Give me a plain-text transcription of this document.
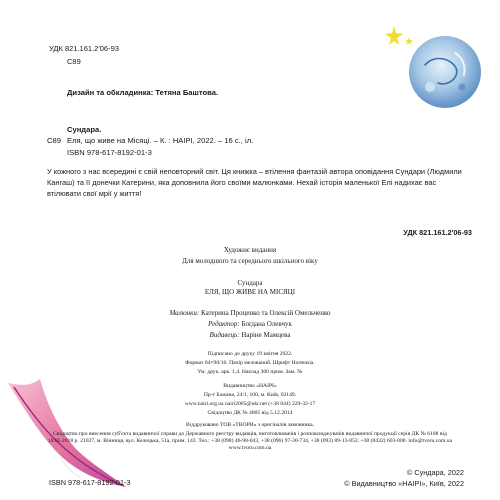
УДК 821.161.2'06-93
С89
Дизайн та обкладинка: Тетяна Баштова.
Сундара.
С89 Еля, що живе на Місяці. – К. : НАІРІ, 2022. – 16 с., іл.
ISBN 978-617-8192-01-3
У кожного з нас всередині є свій неповторний світ. Ця книжка – втілення фантазій автора оповідання Сундари (Людмили Кангаш) та її донечки Катерини, яка доповнила його своїми малюнками. Нехай історія маленької Елі надихає вас втілювати свої мрії у життя!
УДК 821.161.2'06-93
Художнє видання
Для молодшого та середнього шкільного віку
Сундара
ЕЛЯ, ЩО ЖИВЕ НА МІСЯЦІ
Малюнки: Катерина Проценко та Олексій Омельченко
Редактор: Богдана Олевчук
Видавець: Наріне Мамцева
Підписано до друку 19 квітня 2022.
Формат 84×90/16. Папір мелований. Шрифт Hortensia.
Ум. друк. арк. 1,4. Наклад 300 прим. Зам. №
Видавництво «НАІРІ»
Пр-т Бажана, 24/1, 100, м. Київ, 02149.
www.nairi.org.ua nairi2005@ukr.net (+38 044) 229-32-17
Свідоцтво ДК № 4805 від 5.12.2014
Віддруковано ТОВ «ТВОРИ» з оригіналів замовника.
Свідоцтво про внесення суб'єкта видавничої справи до Державного реєстру видавців, виготовлювачів і розповсюджувачів видавничої продукції серія ДК № 6188 від 18.05.2018 р. 21027, м. Вінниця, вул. Келецька, 51а, прим. 143. Тел.: +38 (098) 46-98-043, +38 (096) 97-30-734, +38 (093) 89-13-852, +38 (0432) 603-000. info@tvoru.com.ua www.tvoru.com.ua
ISBN 978-617-8192-01-3
© Сундара, 2022
© Видавництво «НАІРІ», Київ, 2022
